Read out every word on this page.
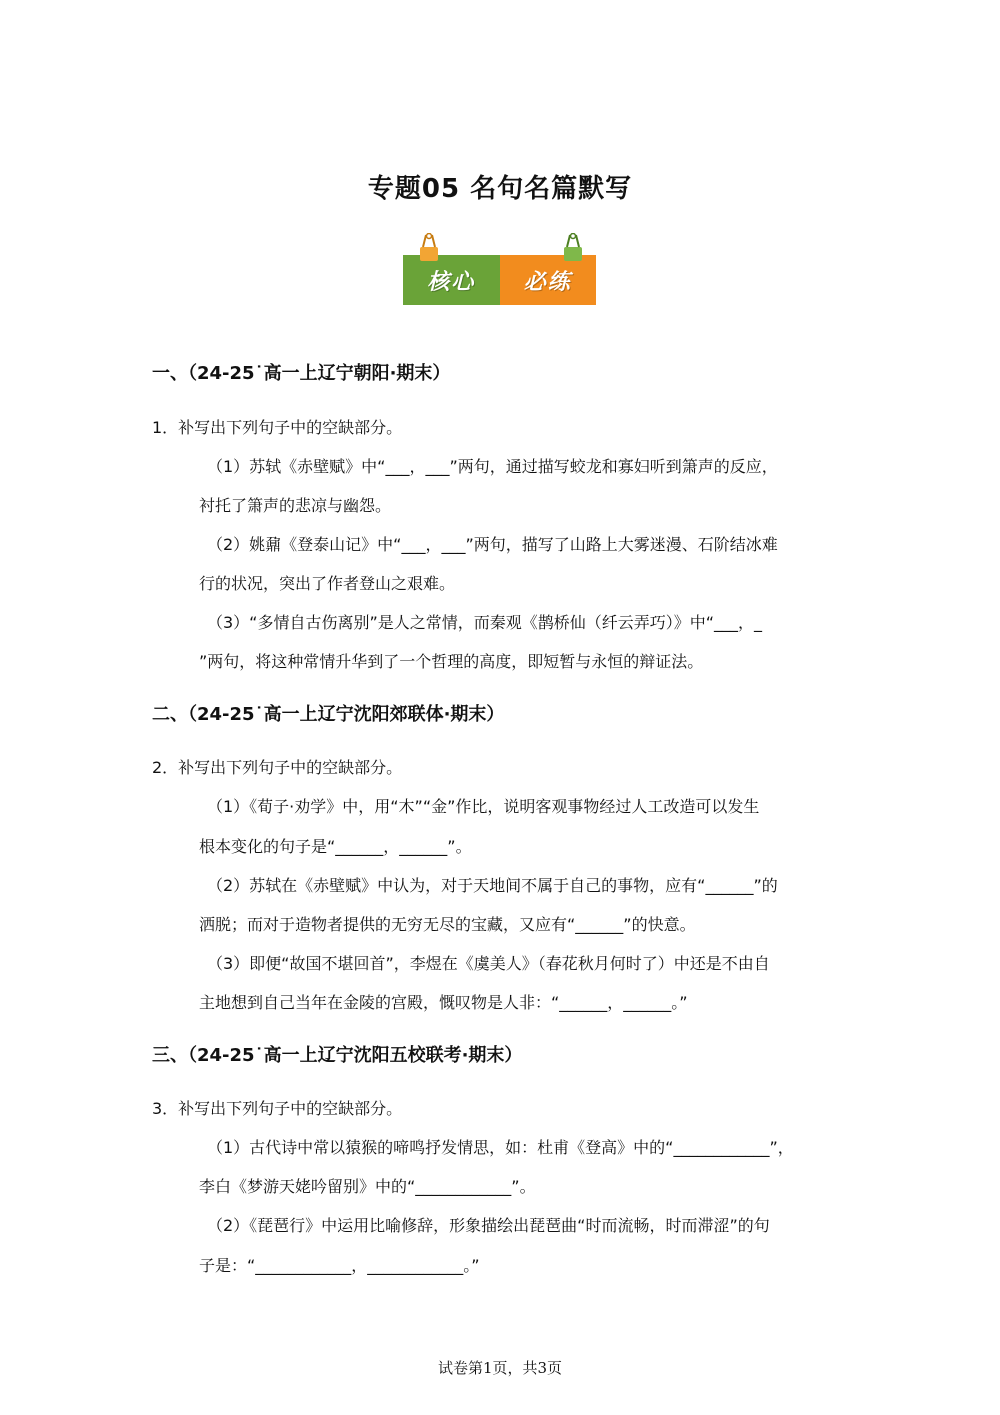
专题05 名句名篇默写
核心	必练
一、（24-25˙高一上辽宁朝阳·期末）
1．补写出下列句子中的空缺部分。
（1）苏轼《赤壁赋》中“___，___”两句，通过描写蛟龙和寡妇听到箫声的反应，
衬托了箫声的悲凉与幽怨。
（2）姚鼐《登泰山记》中“___，___”两句，描写了山路上大雾迷漫、石阶结冰难
行的状况，突出了作者登山之艰难。
（3）“多情自古伤离别”是人之常情，而秦观《鹊桥仙（纤云弄巧）》中“___，_
”两句，将这种常情升华到了一个哲理的高度，即短暂与永恒的辩证法。
二、（24-25˙高一上辽宁沈阳郊联体·期末）
2．补写出下列句子中的空缺部分。
（1）《荀子·劝学》中，用“木”“金”作比，说明客观事物经过人工改造可以发生
根本变化的句子是“______，______”。
（2）苏轼在《赤壁赋》中认为，对于天地间不属于自己的事物，应有“______”的
洒脱；而对于造物者提供的无穷无尽的宝藏，又应有“______”的快意。
（3）即便“故国不堪回首”，李煜在《虞美人》（春花秋月何时了）中还是不由自
主地想到自己当年在金陵的宫殿，慨叹物是人非：“______，______。”
三、（24-25˙高一上辽宁沈阳五校联考·期末）
3．补写出下列句子中的空缺部分。
（1）古代诗中常以猿猴的啼鸣抒发情思，如：杜甫《登高》中的“____________”，
李白《梦游天姥吟留别》中的“____________”。
（2）《琵琶行》中运用比喻修辞，形象描绘出琵琶曲“时而流畅，时而滞涩”的句
子是：“____________，____________。”
试卷第1页，共3页
